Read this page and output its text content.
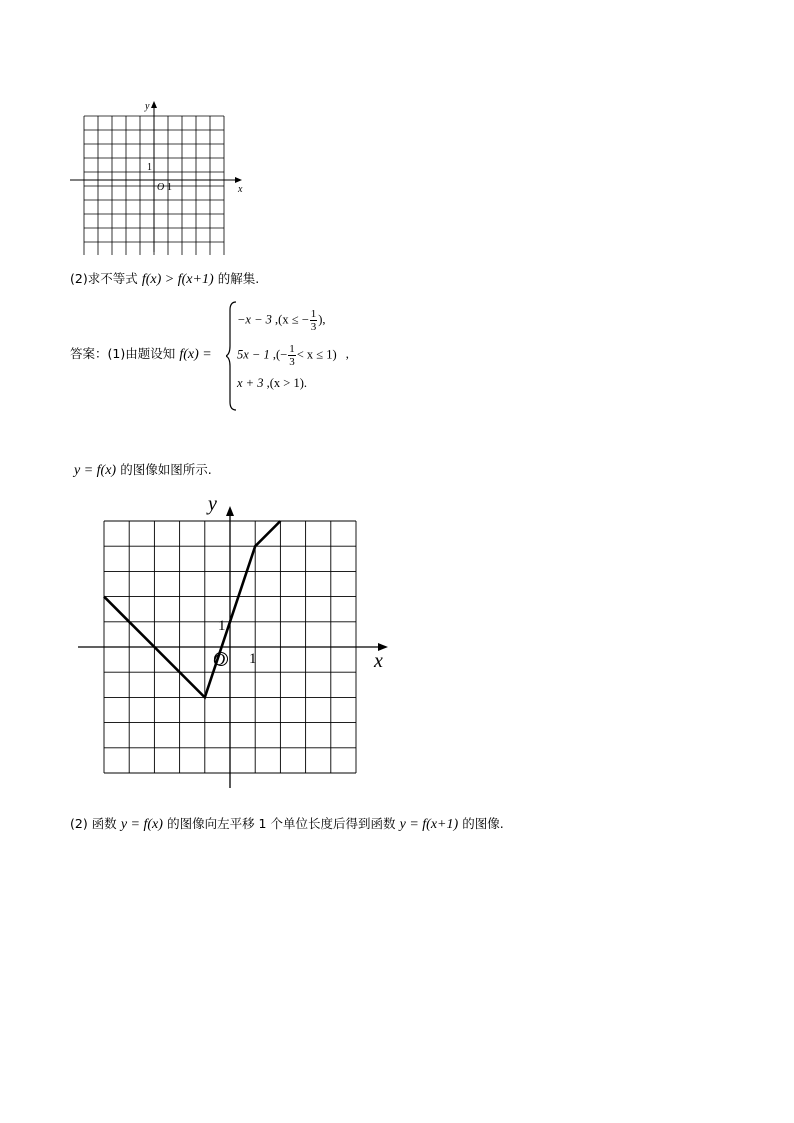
y
x
O 1
1
(2)求不等式 f(x) > f(x+1) 的解集.
答案：(1)由题设知 f(x) =
−x − 3 ,(x ≤ − $\frac{1}{3}$ ),
5x − 1 ,(− $\frac{1}{3} < x \le 1$) ,
x + 3 ,(x > 1).
y = f(x) 的图像如图所示.
y
x
O 1
1
(2) 函数 y = f(x) 的图像向左平移 1 个单位长度后得到函数 y = f(x+1) 的图像.
